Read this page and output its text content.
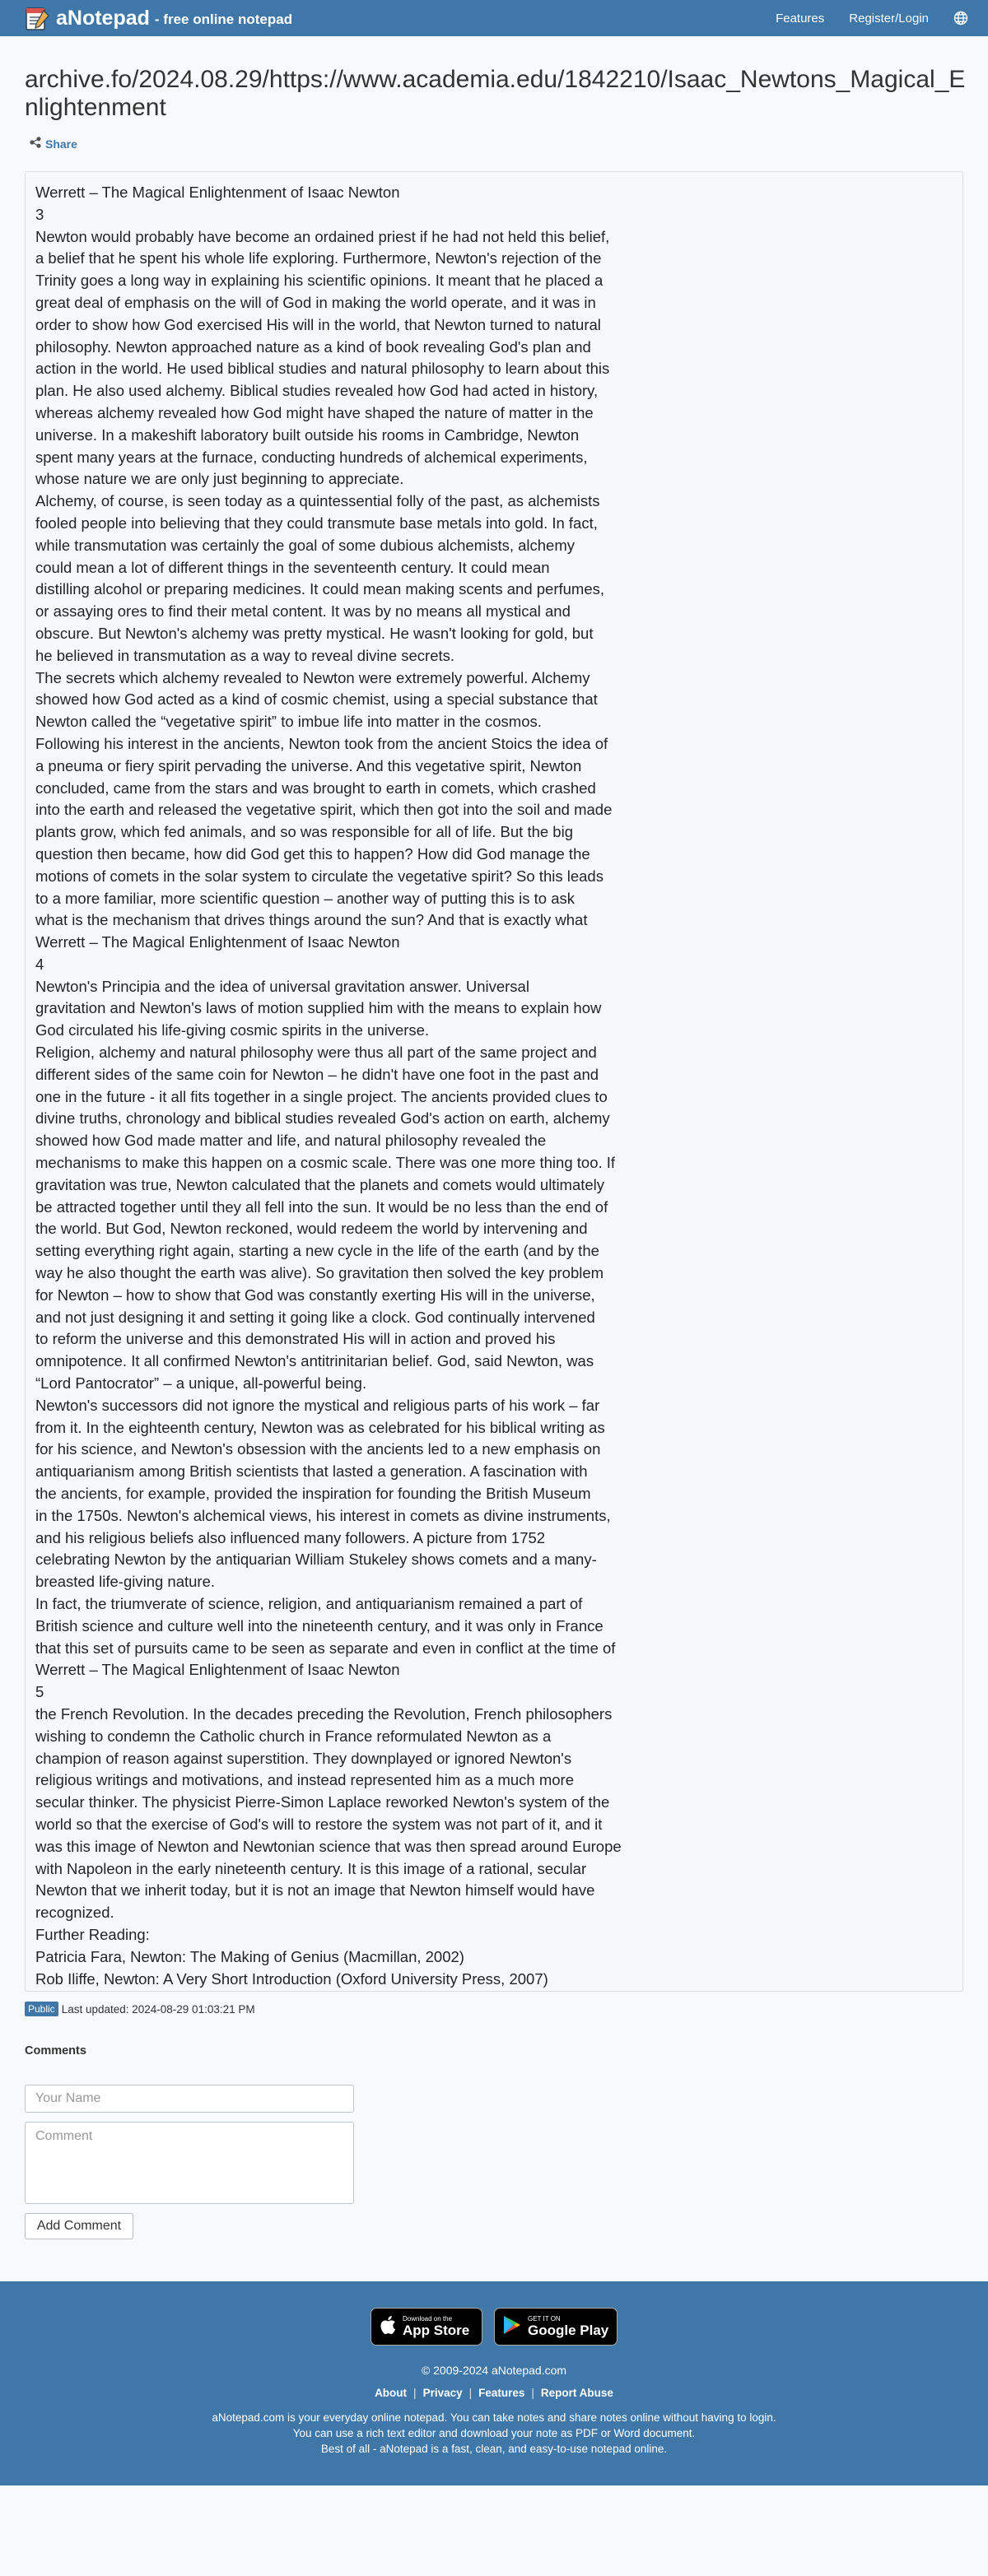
aNotepad - free online notepad	Features Register/Login
archive.fo/2024.08.29/https://www.academia.edu/1842210/Isaac_Newtons_Magical_Enlightenment
Share
Werrett – The Magical Enlightenment of Isaac Newton
3
Newton would probably have become an ordained priest if he had not held this belief,
a belief that he spent his whole life exploring. Furthermore, Newton's rejection of the
Trinity goes a long way in explaining his scientific opinions. It meant that he placed a
great deal of emphasis on the will of God in making the world operate, and it was in
order to show how God exercised His will in the world, that Newton turned to natural
philosophy. Newton approached nature as a kind of book revealing God's plan and
action in the world. He used biblical studies and natural philosophy to learn about this
plan. He also used alchemy. Biblical studies revealed how God had acted in history,
whereas alchemy revealed how God might have shaped the nature of matter in the
universe. In a makeshift laboratory built outside his rooms in Cambridge, Newton
spent many years at the furnace, conducting hundreds of alchemical experiments,
whose nature we are only just beginning to appreciate.
Alchemy, of course, is seen today as a quintessential folly of the past, as alchemists
fooled people into believing that they could transmute base metals into gold. In fact,
while transmutation was certainly the goal of some dubious alchemists, alchemy
could mean a lot of different things in the seventeenth century. It could mean
distilling alcohol or preparing medicines. It could mean making scents and perfumes,
or assaying ores to find their metal content. It was by no means all mystical and
obscure. But Newton's alchemy was pretty mystical. He wasn't looking for gold, but
he believed in transmutation as a way to reveal divine secrets.
The secrets which alchemy revealed to Newton were extremely powerful. Alchemy
showed how God acted as a kind of cosmic chemist, using a special substance that
Newton called the “vegetative spirit” to imbue life into matter in the cosmos.
Following his interest in the ancients, Newton took from the ancient Stoics the idea of
a pneuma or fiery spirit pervading the universe. And this vegetative spirit, Newton
concluded, came from the stars and was brought to earth in comets, which crashed
into the earth and released the vegetative spirit, which then got into the soil and made
plants grow, which fed animals, and so was responsible for all of life. But the big
question then became, how did God get this to happen? How did God manage the
motions of comets in the solar system to circulate the vegetative spirit? So this leads
to a more familiar, more scientific question – another way of putting this is to ask
what is the mechanism that drives things around the sun? And that is exactly what
Werrett – The Magical Enlightenment of Isaac Newton
4
Newton's Principia and the idea of universal gravitation answer. Universal
gravitation and Newton's laws of motion supplied him with the means to explain how
God circulated his life-giving cosmic spirits in the universe.
Religion, alchemy and natural philosophy were thus all part of the same project and
different sides of the same coin for Newton – he didn't have one foot in the past and
one in the future - it all fits together in a single project. The ancients provided clues to
divine truths, chronology and biblical studies revealed God's action on earth, alchemy
showed how God made matter and life, and natural philosophy revealed the
mechanisms to make this happen on a cosmic scale. There was one more thing too. If
gravitation was true, Newton calculated that the planets and comets would ultimately
be attracted together until they all fell into the sun. It would be no less than the end of
the world. But God, Newton reckoned, would redeem the world by intervening and
setting everything right again, starting a new cycle in the life of the earth (and by the
way he also thought the earth was alive). So gravitation then solved the key problem
for Newton – how to show that God was constantly exerting His will in the universe,
and not just designing it and setting it going like a clock. God continually intervened
to reform the universe and this demonstrated His will in action and proved his
omnipotence. It all confirmed Newton's antitrinitarian belief. God, said Newton, was
“Lord Pantocrator” – a unique, all-powerful being.
Newton's successors did not ignore the mystical and religious parts of his work – far
from it. In the eighteenth century, Newton was as celebrated for his biblical writing as
for his science, and Newton's obsession with the ancients led to a new emphasis on
antiquarianism among British scientists that lasted a generation. A fascination with
the ancients, for example, provided the inspiration for founding the British Museum
in the 1750s. Newton's alchemical views, his interest in comets as divine instruments,
and his religious beliefs also influenced many followers. A picture from 1752
celebrating Newton by the antiquarian William Stukeley shows comets and a many-
breasted life-giving nature.
In fact, the triumverate of science, religion, and antiquarianism remained a part of
British science and culture well into the nineteenth century, and it was only in France
that this set of pursuits came to be seen as separate and even in conflict at the time of
Werrett – The Magical Enlightenment of Isaac Newton
5
the French Revolution. In the decades preceding the Revolution, French philosophers
wishing to condemn the Catholic church in France reformulated Newton as a
champion of reason against superstition. They downplayed or ignored Newton's
religious writings and motivations, and instead represented him as a much more
secular thinker. The physicist Pierre-Simon Laplace reworked Newton's system of the
world so that the exercise of God's will to restore the system was not part of it, and it
was this image of Newton and Newtonian science that was then spread around Europe
with Napoleon in the early nineteenth century. It is this image of a rational, secular
Newton that we inherit today, but it is not an image that Newton himself would have
recognized.
Further Reading:
Patricia Fara, Newton: The Making of Genius (Macmillan, 2002)
Rob Iliffe, Newton: A Very Short Introduction (Oxford University Press, 2007)
Public Last updated: 2024-08-29 01:03:21 PM
Comments
Your Name
Comment
Add Comment
Download on the
App Store
GET IT ON
Google Play
© 2009-2024 aNotepad.com
About | Privacy | Features | Report Abuse
aNotepad.com is your everyday online notepad. You can take notes and share notes online without having to login.
You can use a rich text editor and download your note as PDF or Word document.
Best of all - aNotepad is a fast, clean, and easy-to-use notepad online.
